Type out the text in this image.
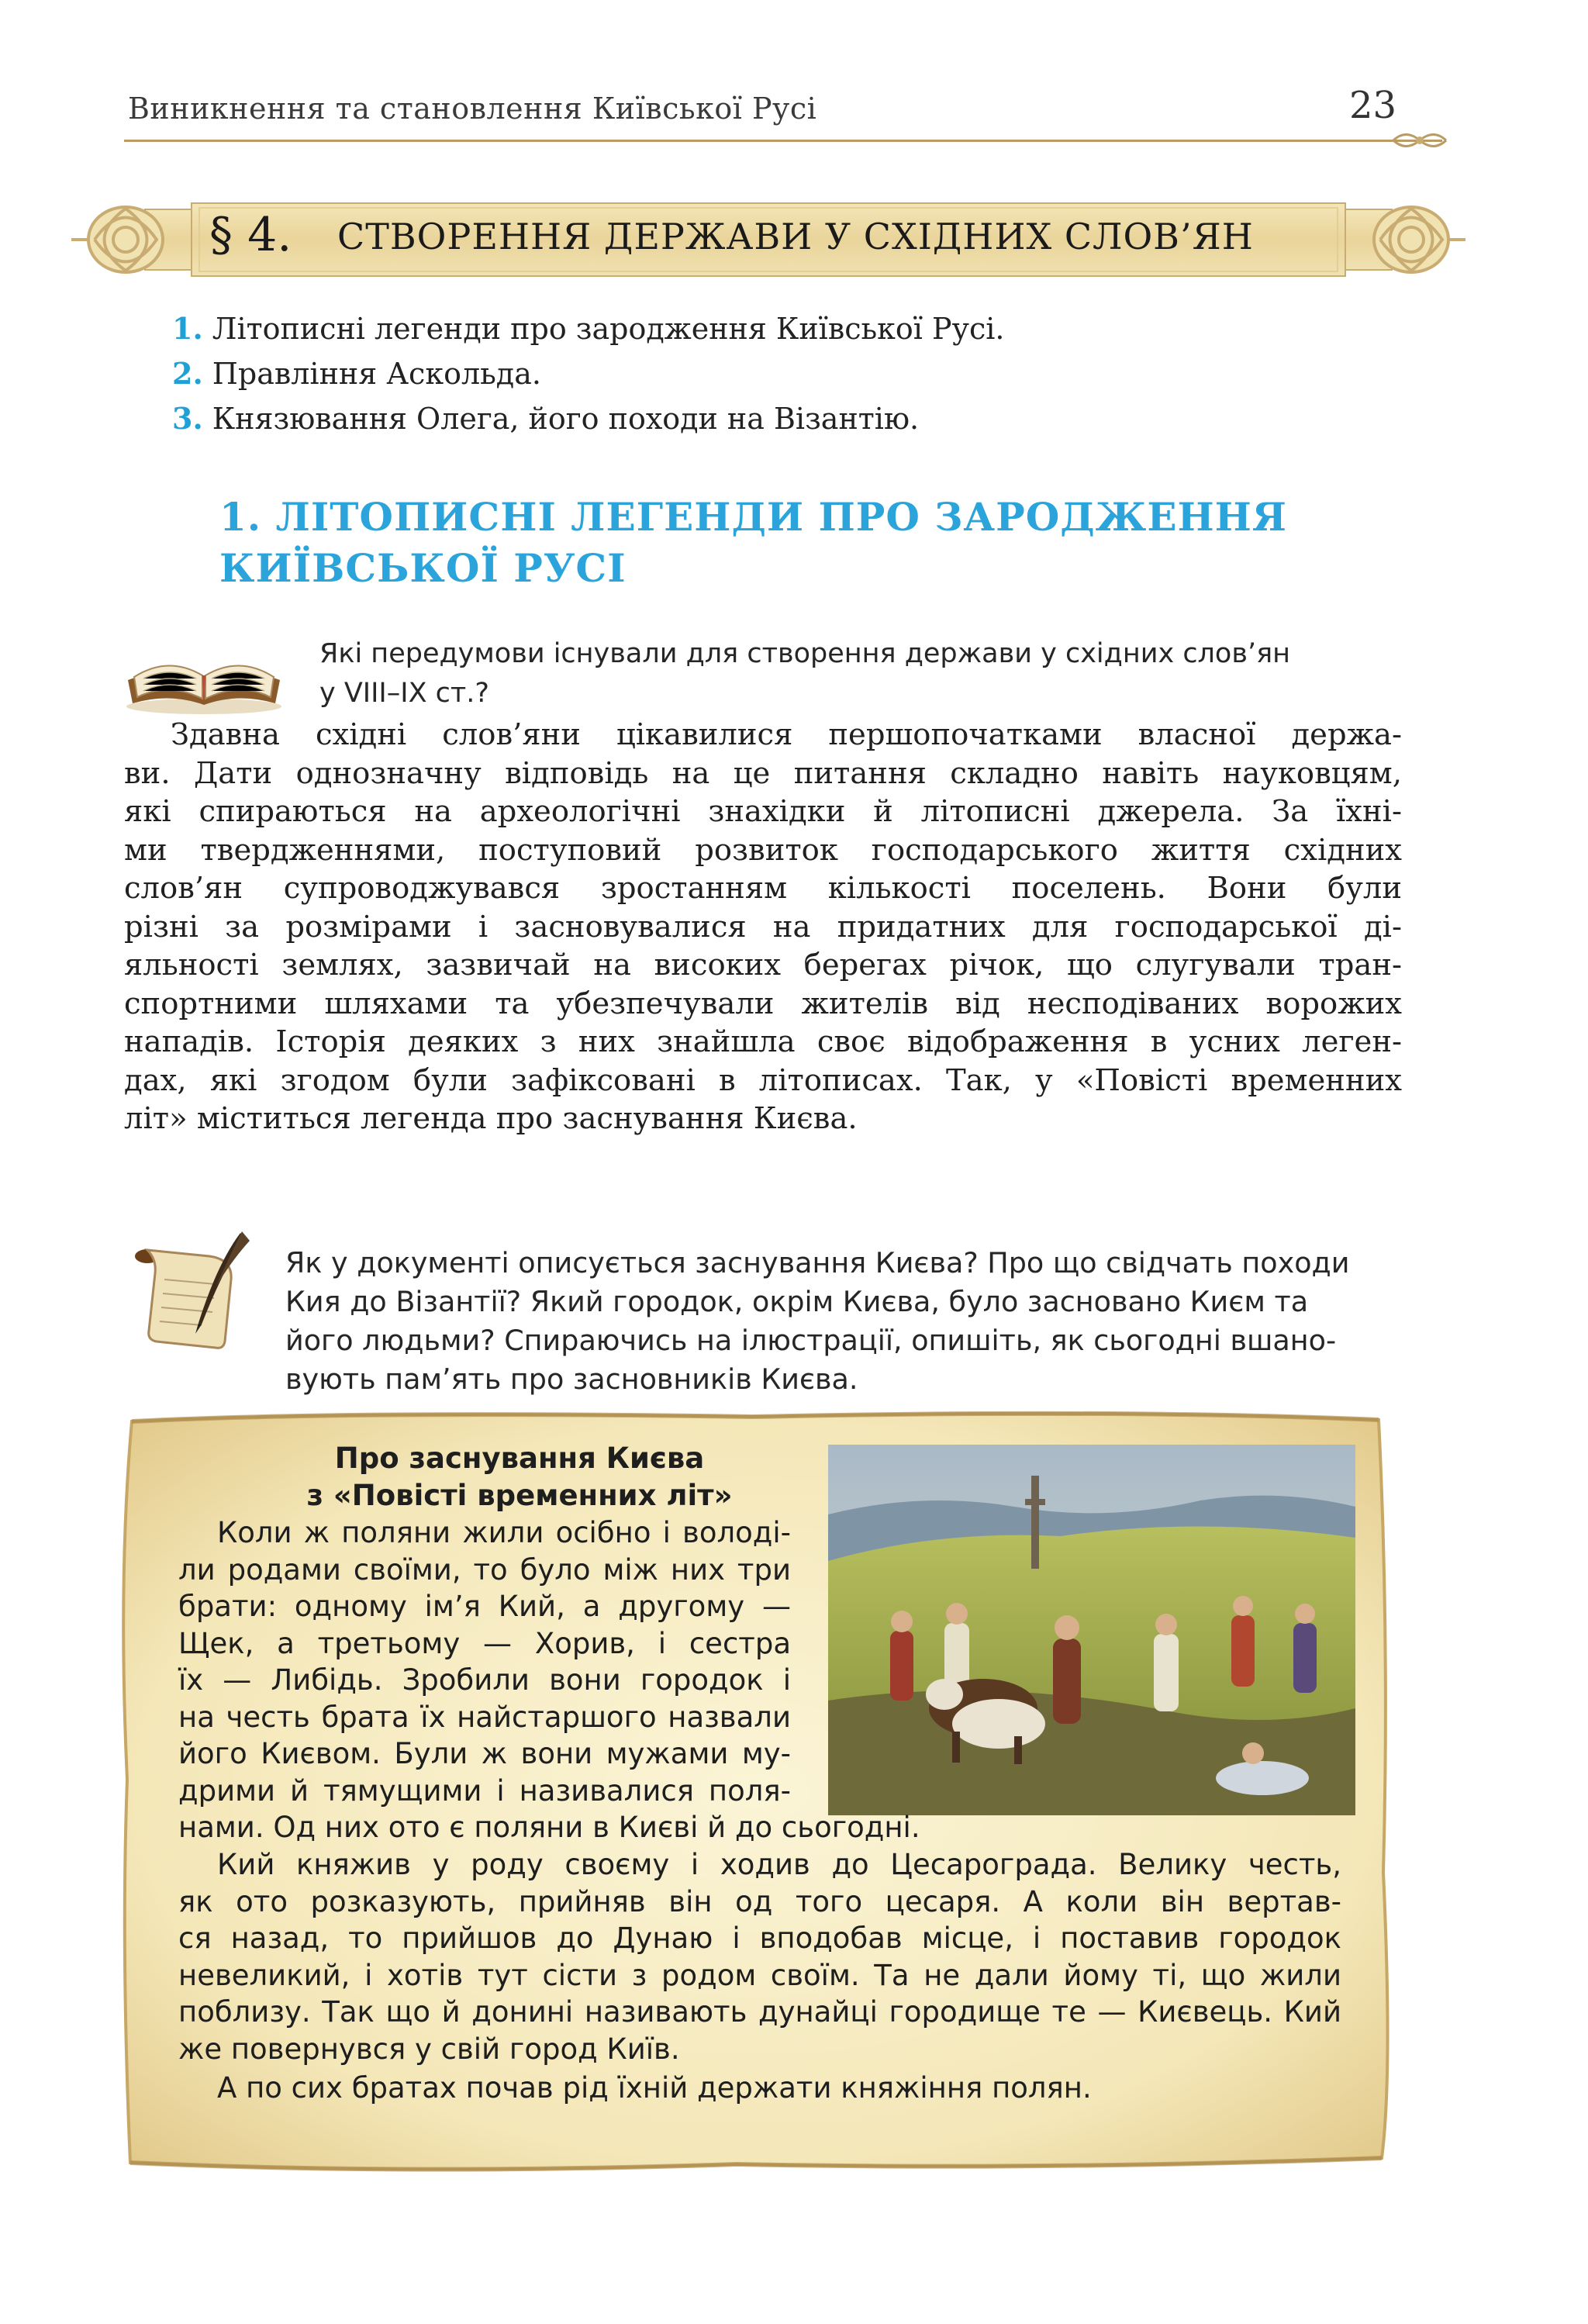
Виникнення та становлення Київської Русі	23
§ 4. СТВОРЕННЯ ДЕРЖАВИ У СХІДНИХ СЛОВ’ЯН
1. Літописні легенди про зародження Київської Русі.
2. Правління Аскольда.
3. Князювання Олега, його походи на Візантію.
1. ЛІТОПИСНІ ЛЕГЕНДИ ПРО ЗАРОДЖЕННЯ
КИЇВСЬКОЇ РУСІ
Які передумови існували для створення держави у східних слов’ян
у VIII–IX ст.?

Здавна східні слов’яни цікавилися першопочатками власної держа-
ви. Дати однозначну відповідь на це питання складно навіть науковцям,
які спираються на археологічні знахідки й літописні джерела. За їхні-
ми твердженнями, поступовий розвиток господарського життя східних
слов’ян супроводжувався зростанням кількості поселень. Вони були
різні за розмірами і засновувалися на придатних для господарської ді-
яльності землях, зазвичай на високих берегах річок, що слугували тран-
спортними шляхами та убезпечували жителів від несподіваних ворожих
нападів. Історія деяких з них знайшла своє відображення в усних леген-
дах, які згодом були зафіксовані в літописах. Так, у «Повісті временних
літ» міститься легенда про заснування Києва.

Як у документі описується заснування Києва? Про що свідчать походи
Кия до Візантії? Який городок, окрім Києва, було засновано Києм та
його людьми? Спираючись на ілюстрації, опишіть, як сьогодні вшано-
вують пам’ять про засновників Києва.
Про заснування Києва
з «Повісті временних літ»
Коли ж поляни жили осібно і володі-
ли родами своїми, то було між них три
брати: одному ім’я Кий, а другому —
Щек, а третьому — Хорив, і сестра
їх — Либідь. Зробили вони городок і
на честь брата їх найстаршого назвали
його Києвом. Були ж вони мужами му-
дрими й тямущими і називалися поля-
нами. Од них ото є поляни в Києві й до сьогодні.
Кий княжив у роду своєму і ходив до Цесарограда. Велику честь,
як ото розказують, прийняв він од того цесаря. А коли він вертав-
ся назад, то прийшов до Дунаю і вподобав місце, і поставив городок
невеликий, і хотів тут сісти з родом своїм. Та не дали йому ті, що жили
поблизу. Так що й донині називають дунайці городище те — Києвець. Кий
же повернувся у свій город Київ.
А по сих братах почав рід їхній держати княжіння полян.
